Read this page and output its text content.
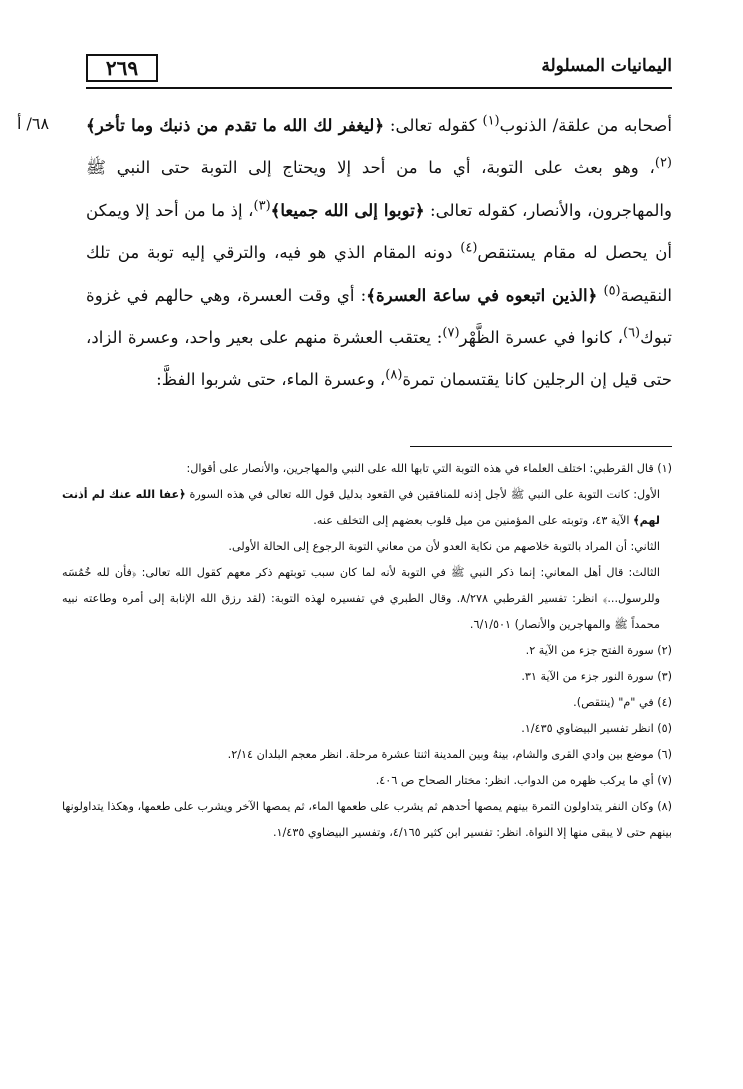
٢٦٩	اليمانيات المسلولة
٦٨/ أ	أصحابه من علقة/ الذنوب$^{(١)}$ كقوله تعالى: ﴿ليغفر لك الله ما تقدم من ذنبك وما تأخر﴾$^{(٢)}$، وهو بعث على التوبة، أي ما من أحد إلا ويحتاج إلى التوبة حتى النبي ﷺ والمهاجرون، والأنصار، كقوله تعالى: ﴿توبوا إلى الله جميعا﴾$^{(٣)}$، إذ ما من أحد إلا ويمكن أن يحصل له مقام يستنقص$^{(٤)}$ دونه المقام الذي هو فيه، والترقي إليه توبة من تلك النقيصة$^{(٥)}$ ﴿الذين اتبعوه في ساعة العسرة﴾: أي وقت العسرة، وهي حالهم في غزوة تبوك$^{(٦)}$، كانوا في عسرة الظَّهْر$^{(٧)}$: يعتقب العشرة منهم على بعير واحد، وعسرة الزاد، حتى قيل إن الرجلين كانا يقتسمان تمرة$^{(٨)}$، وعسرة الماء، حتى شربوا الفظَّ:

(١) قال القرطبي: اختلف العلماء في هذه التوبة التي تابها الله على النبي والمهاجرين، والأنصار على أقوال:

الأول: كانت التوبة على النبي ﷺ لأجل إذنه للمنافقين في القعود بدليل قول الله تعالى في هذه السورة ﴿عفا الله عنك لم أذنت لهم﴾ الآية ٤٣، وتوبته على المؤمنين من ميل قلوب بعضهم إلى التخلف عنه.

الثاني: أن المراد بالتوبة خلاصهم من نكاية العدو لأن من معاني التوبة الرجوع إلى الحالة الأولى.

الثالث: قال أهل المعاني: إنما ذكر النبي ﷺ في التوبة لأنه لما كان سبب توبتهم ذكر معهم كقول الله تعالى: ﴿فأن لله خُمُسَه وللرسول...﴾ انظر: تفسير القرطبي ٨/٢٧٨. وقال الطبري في تفسيره لهذه التوبة: (لقد رزق الله الإنابة إلى أمره وطاعته نبيه محمداً ﷺ والمهاجرين والأنصار) ٦/١/٥٠١.

(٢) سورة الفتح جزء من الآية ٢.

(٣) سورة النور جزء من الآية ٣١.

(٤) في "م" (ينتقص).

(٥) انظر تفسير البيضاوي ١/٤٣٥.

(٦) موضع بين وادي القرى والشام، بينهُ وبين المدينة اثنتا عشرة مرحلة. انظر معجم البلدان ٢/١٤.

(٧) أي ما يركب ظهره من الدواب. انظر: مختار الصحاح ص ٤٠٦.

(٨) وكان النفر يتداولون التمرة بينهم يمصها أحدهم ثم يشرب على طعمها الماء، ثم يمصها الآخر ويشرب على طعمها، وهكذا يتداولونها بينهم حتى لا يبقى منها إلا النواة. انظر: تفسير ابن كثير ٤/١٦٥، وتفسير البيضاوي ١/٤٣٥.
